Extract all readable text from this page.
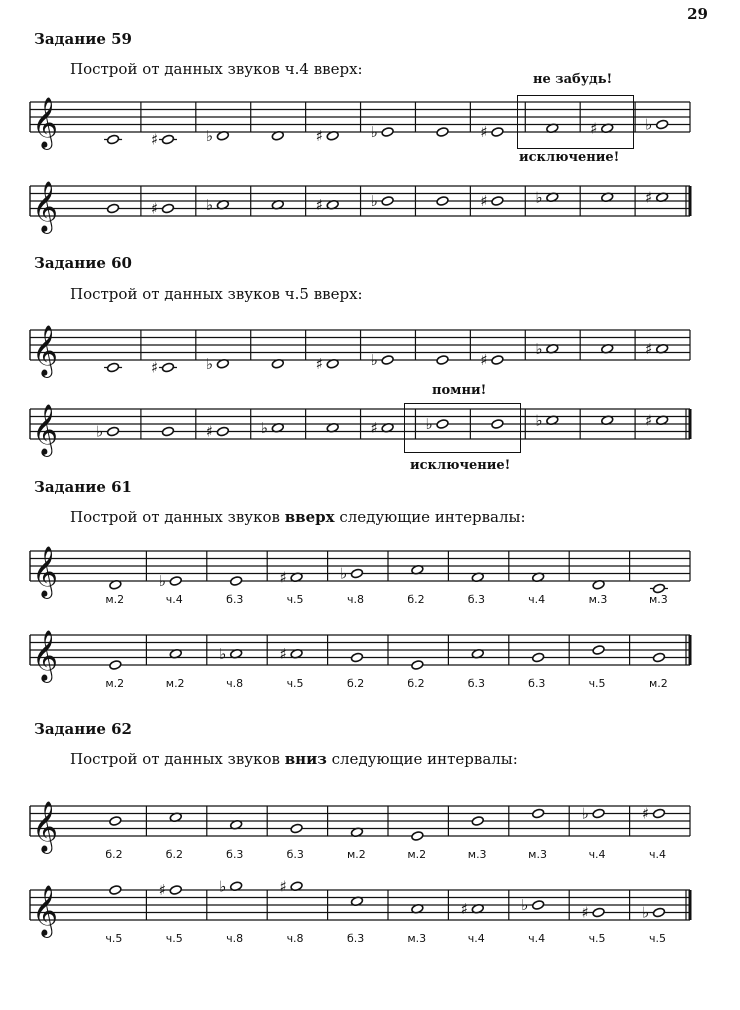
29
Задание 59
Построй от данных звуков ч.4 вверх:
не забудь!
исключение!
𝄞	♯	♭	♯	♭	♯	♯	♭
𝄞	♯	♭	♯	♭	♯	♭	♯
Задание 60
Построй от данных звуков ч.5 вверх:
𝄞	♯	♭	♯	♭	♯
♭	♯
помни!
𝄞	♭	♯	♭	♯	♭	♭	♯
исключение!
Задание 61
Построй от данных звуков вверх следующие интервалы:
𝄞
м.2
♭
ч.4	б.3
♯
ч.5
♭
ч.8	б.2	б.3	ч.4	м.3	м.3
𝄞
м.2	м.2
♭
ч.8
♯
ч.5	б.2	б.2	б.3	б.3	ч.5	м.2
Задание 62
Построй от данных звуков вниз следующие интервалы:
𝄞
б.2	б.2	б.3	б.3	м.2	м.2	м.3	м.3
♭
ч.4
♯
ч.4
𝄞
ч.5
♯
ч.5
♭
ч.8
♯
ч.8	б.3	м.3
♯
ч.4
♭
ч.4
♯
ч.5
♭
ч.5
